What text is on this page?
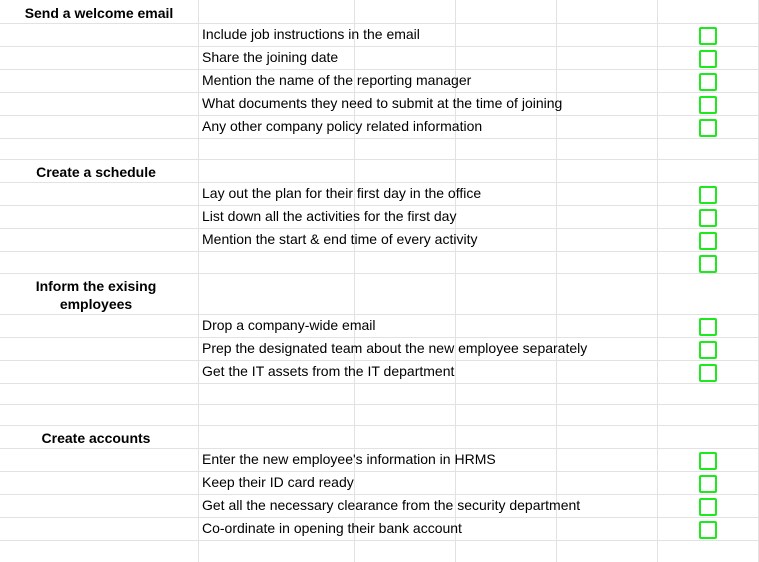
Send a welcome email
Include job instructions in the email
Share the joining date
Mention the name of the reporting manager
What documents they need to submit at the time of joining
Any other company policy related information
Create a schedule
Lay out the plan for their first day in the office
List down all the activities for the first day
Mention the start & end time of every activity
Inform the exising employees
Drop a company-wide email
Prep the designated team about the new employee separately
Get the IT assets from the IT department
Create accounts
Enter the new employee's information in HRMS
Keep their ID card ready
Get all the necessary clearance from the security department
Co-ordinate in opening their bank account
